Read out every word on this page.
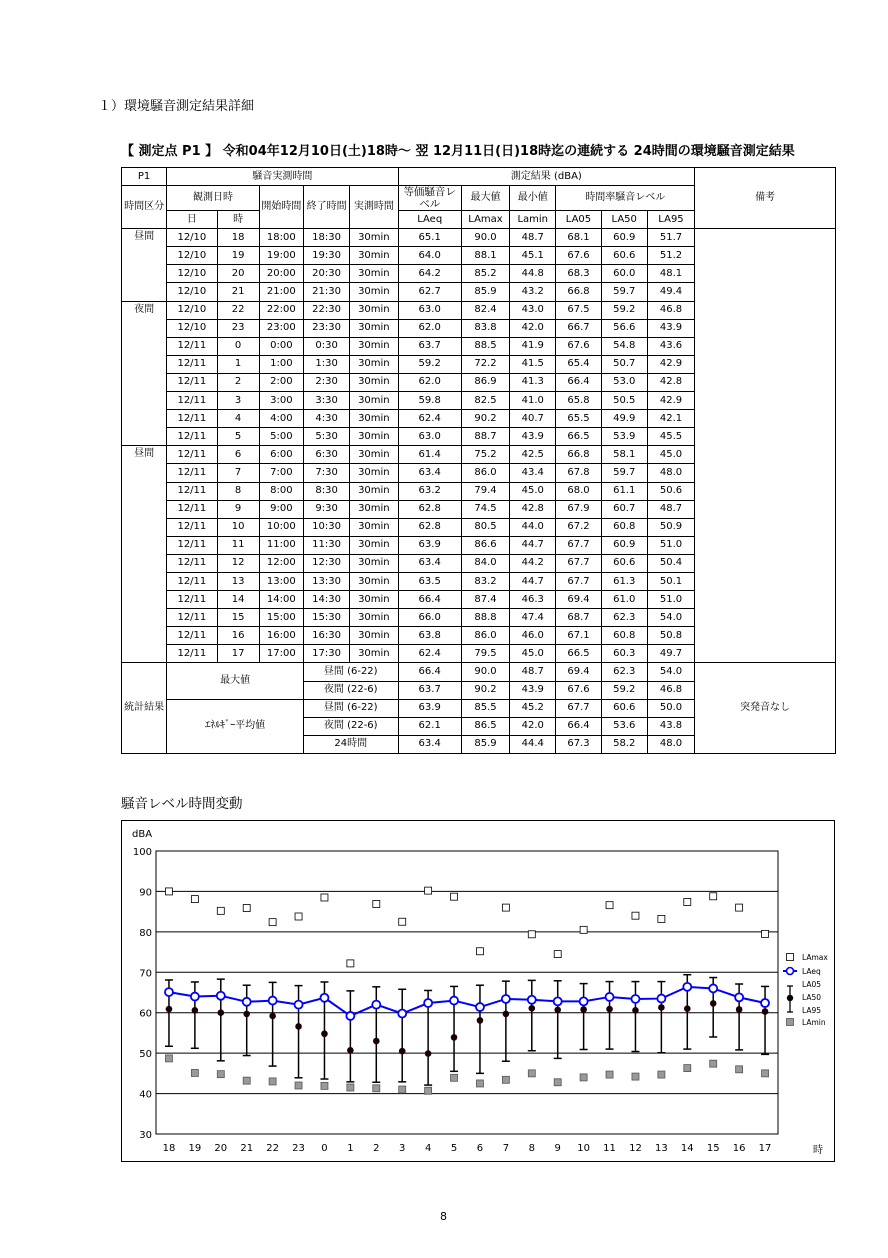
１）環境騒音測定結果詳細
【 測定点 P1 】 令和04年12月10日(土)18時～ 翌 12月11日(日)18時迄の連続する 24時間の環境騒音測定結果
P1	騒音実測時間					測定結果 (dBA)						備考
						等価騒音レベル	最大値	最小値	時間率騒音レベル			
時間区分	観測日時		開始時間	終了時間	実測時間							
	日	時				LAeq	LAmax	Lamin	LA05	LA50	LA95	
昼間	12/10	18	18:00	18:30	30min	65.1	90.0	48.7	68.1	60.9	51.7	
	12/10	19	19:00	19:30	30min	64.0	88.1	45.1	67.6	60.6	51.2	
	12/10	20	20:00	20:30	30min	64.2	85.2	44.8	68.3	60.0	48.1	
	12/10	21	21:00	21:30	30min	62.7	85.9	43.2	66.8	59.7	49.4	
夜間	12/10	22	22:00	22:30	30min	63.0	82.4	43.0	67.5	59.2	46.8	
	12/10	23	23:00	23:30	30min	62.0	83.8	42.0	66.7	56.6	43.9	
	12/11	0	0:00	0:30	30min	63.7	88.5	41.9	67.6	54.8	43.6	
	12/11	1	1:00	1:30	30min	59.2	72.2	41.5	65.4	50.7	42.9	
	12/11	2	2:00	2:30	30min	62.0	86.9	41.3	66.4	53.0	42.8	
	12/11	3	3:00	3:30	30min	59.8	82.5	41.0	65.8	50.5	42.9	
	12/11	4	4:00	4:30	30min	62.4	90.2	40.7	65.5	49.9	42.1	
	12/11	5	5:00	5:30	30min	63.0	88.7	43.9	66.5	53.9	45.5	
昼間	12/11	6	6:00	6:30	30min	61.4	75.2	42.5	66.8	58.1	45.0	
	12/11	7	7:00	7:30	30min	63.4	86.0	43.4	67.8	59.7	48.0	
	12/11	8	8:00	8:30	30min	63.2	79.4	45.0	68.0	61.1	50.6	
	12/11	9	9:00	9:30	30min	62.8	74.5	42.8	67.9	60.7	48.7	
	12/11	10	10:00	10:30	30min	62.8	80.5	44.0	67.2	60.8	50.9	
	12/11	11	11:00	11:30	30min	63.9	86.6	44.7	67.7	60.9	51.0	
	12/11	12	12:00	12:30	30min	63.4	84.0	44.2	67.7	60.6	50.4	
	12/11	13	13:00	13:30	30min	63.5	83.2	44.7	67.7	61.3	50.1	
	12/11	14	14:00	14:30	30min	66.4	87.4	46.3	69.4	61.0	51.0	
	12/11	15	15:00	15:30	30min	66.0	88.8	47.4	68.7	62.3	54.0	
	12/11	16	16:00	16:30	30min	63.8	86.0	46.0	67.1	60.8	50.8	
	12/11	17	17:00	17:30	30min	62.4	79.5	45.0	66.5	60.3	49.7	
統計結果	最大値			昼間 (6-22)		66.4	90.0	48.7	69.4	62.3	54.0	突発音なし
				夜間 (22-6)		63.7	90.2	43.9	67.6	59.2	46.8	
	ｴﾈﾙｷﾞｰ平均値			昼間 (6-22)		63.9	85.5	45.2	67.7	60.6	50.0	
				夜間 (22-6)		62.1	86.5	42.0	66.4	53.6	43.8	
				24時間		63.4	85.9	44.4	67.3	58.2	48.0	
騒音レベル時間変動
30
40
50
60
70
80
90
100
dBA
18 19 20 21 22 23 0 1 2 3 4 5 6 7 8 9 10 11 12 13 14 15 16 17	時
LAmax
LAeq
LA05
LA50
LA95
LAmin
8
